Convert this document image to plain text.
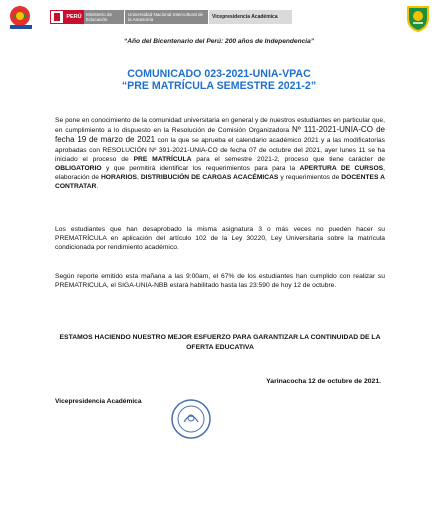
PERÚ Ministerio de Educación
Universidad Nacional Intercultural de la Amazonía	Vicepresidencia Académica
“Año del Bicentenario del Perú: 200 años de Independencia”
COMUNICADO 023-2021-UNIA-VPAC
“PRE MATRÍCULA SEMESTRE 2021-2”

Se pone en conocimiento de la comunidad universitaria en general y de nuestros estudiantes en particular que, en cumplimiento a lo dispuesto en la Resolución de Comisión Organizadora Nº 111-2021-UNIA-CO de fecha 19 de marzo de 2021 con la que se aprueba el calendario académico 2021 y a las modificatorias aprobadas con RESOLUCIÓN Nº 391-2021-UNIA-CO de fecha 07 de octubre del 2021, ayer lunes 11 se ha iniciado el proceso de PRE MATRÍCULA para el semestre 2021-2, proceso que tiene carácter de OBLIGATORIO y que permitirá identificar los requerimientos para para la APERTURA DE CURSOS, elaboración de HORARIOS, DISTRIBUCIÓN DE CARGAS ACACÉMICAS y requerimientos de DOCENTES A CONTRATAR.

Los estudiantes que han desaprobado la misma asignatura 3 o más veces no pueden hacer su PREMATRÍCULA en aplicación del artículo 102 de la Ley 30220, Ley Universitaria sobre la matrícula condicionada por rendimiento académico.

Según reporte emitido esta mañana a las 9:00am, el 67% de los estudiantes han cumplido con realizar su PREMATRICULA, el SIGA-UNIA-NBB estará habilitado hasta las 23:590 de hoy 12 de octubre.

ESTAMOS HACIENDO NUESTRO MEJOR ESFUERZO PARA GARANTIZAR LA CONTINUIDAD DE LA OFERTA EDUCATIVA
Yarinacocha 12 de octubre de 2021.
Vicepresidencia Académica
